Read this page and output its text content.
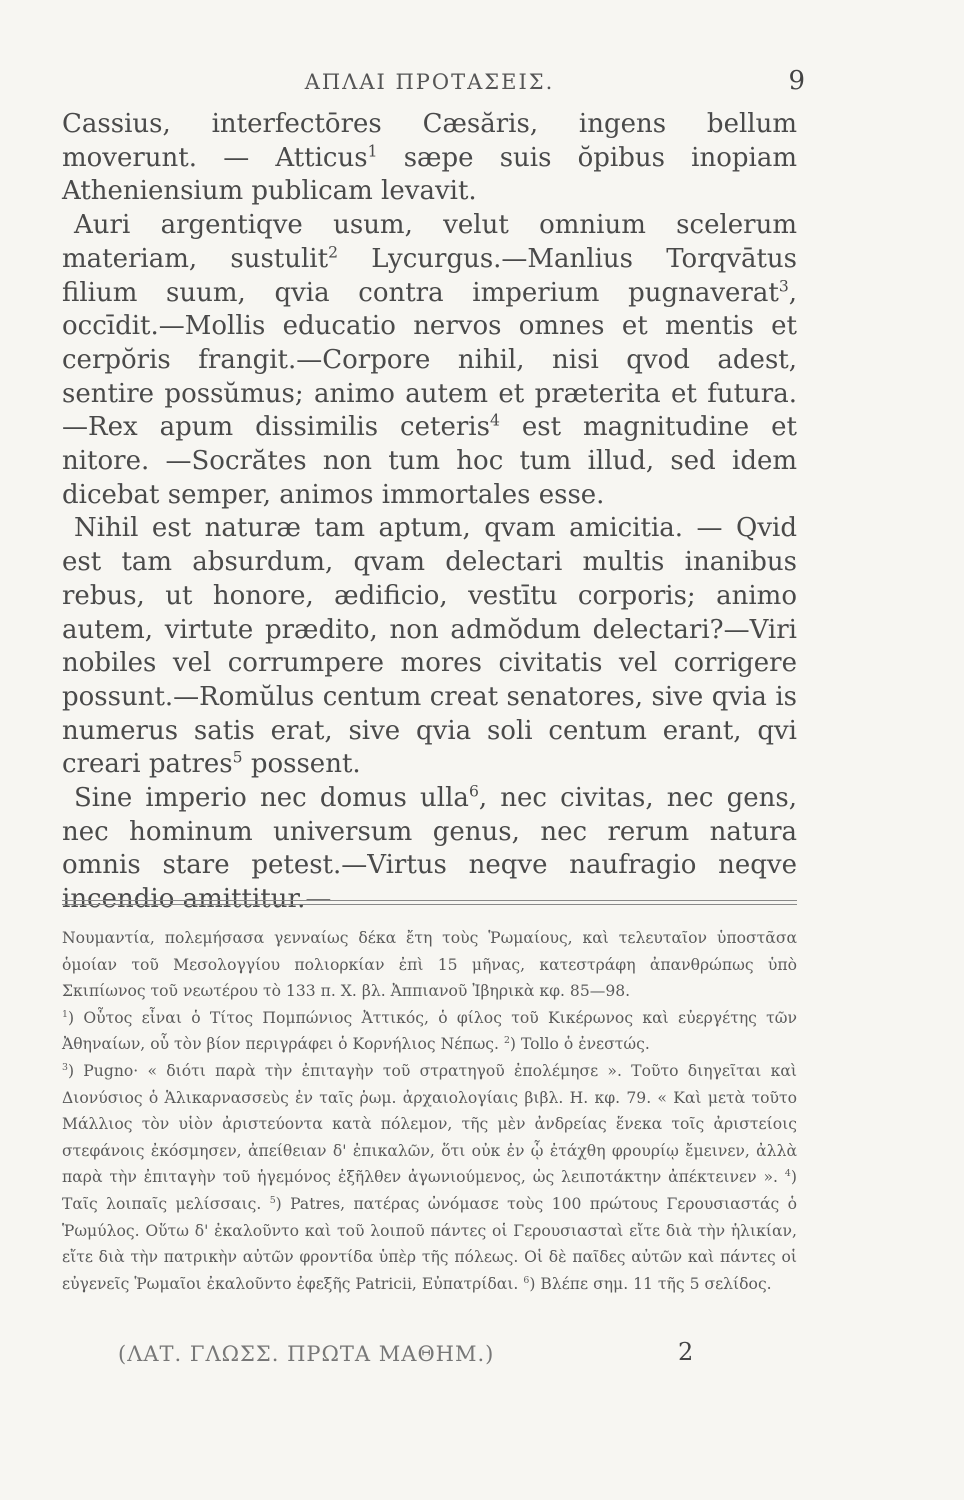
ΑΠΛΑΙ ΠΡΟΤΑΣΕΙΣ.	9

Cassius, interfectōres Cæsăris, ingens bellum moverunt. — Atticus$^1$ sæpe suis ŏpibus inopiam Atheniensium publicam levavit.

Auri argentiqve usum, velut omnium scelerum materiam, sustulit$^2$ Lycurgus.—Manlius Torqvātus filium suum, qvia contra imperium pugnaverat$^3$, occīdit.—Mollis educatio nervos omnes et mentis et cerpŏris frangit.—Corpore nihil, nisi qvod adest, sentire possŭmus; animo autem et præterita et futura.—Rex apum dissimilis ceteris$^4$ est magnitudine et nitore. —Socrătes non tum hoc tum illud, sed idem dicebat semper, animos immortales esse.

Nihil est naturæ tam aptum, qvam amicitia. — Qvid est tam absurdum, qvam delectari multis inanibus rebus, ut honore, ædificio, vestītu corporis; animo autem, virtute prædito, non admŏdum delectari?—Viri nobiles vel corrumpere mores civitatis vel corrigere possunt.—Romŭlus centum creat senatores, sive qvia is numerus satis erat, sive qvia soli centum erant, qvi creari patres$^5$ possent.

Sine imperio nec domus ulla$^6$, nec civitas, nec gens, nec hominum universum genus, nec rerum natura omnis stare petest.—Virtus neqve naufragio neqve incendio amittitur.—

Νουμαντία, πολεμήσασα γενναίως δέκα ἔτη τοὺς Ῥωμαίους, καὶ τελευταῖον ὑποστᾶσα ὁμοίαν τοῦ Μεσολογγίου πολιορκίαν ἐπὶ 15 μῆνας, κατεστράφη ἀπανθρώπως ὑπὸ Σκιπίωνος τοῦ νεωτέρου τὸ 133 π. Χ. βλ. Ἀππιανοῦ Ἰβηρικὰ κφ. 85—98.

$^1$) Οὗτος εἶναι ὁ Τίτος Πομπώνιος Ἀττικός, ὁ φίλος τοῦ Κικέρωνος καὶ εὐεργέτης τῶν Ἀθηναίων, οὗ τὸν βίον περιγράφει ὁ Κορνήλιος Νέπως. $^2$) Tollo ὁ ἐνεστώς.

$^3$) Pugno· « διότι παρὰ τὴν ἐπιταγὴν τοῦ στρατηγοῦ ἐπολέμησε ». Τοῦτο διηγεῖται καὶ Διονύσιος ὁ Ἁλικαρνασσεὺς ἐν ταῖς ῥωμ. ἀρχαιολογίαις βιβλ. Η. κφ. 79. « Καὶ μετὰ τοῦτο Μάλλιος τὸν υἱὸν ἀριστεύοντα κατὰ πόλεμον, τῆς μὲν ἀνδρείας ἕνεκα τοῖς ἀριστείοις στεφάνοις ἐκόσμησεν, ἀπείθειαν δ' ἐπικαλῶν, ὅτι οὐκ ἐν ᾧ ἐτάχθη φρουρίῳ ἔμεινεν, ἀλλὰ παρὰ τὴν ἐπιταγὴν τοῦ ἡγεμόνος ἐξῆλθεν ἀγωνιούμενος, ὡς λειποτάκτην ἀπέκτεινεν ». $^4$) Ταῖς λοιπαῖς μελίσσαις. $^5$) Patres, πατέρας ὠνόμασε τοὺς 100 πρώτους Γερουσιαστάς ὁ Ῥωμύλος. Οὕτω δ' ἐκαλοῦντο καὶ τοῦ λοιποῦ πάντες οἱ Γερουσιασταὶ εἴτε διὰ τὴν ἡλικίαν, εἴτε διὰ τὴν πατρικὴν αὐτῶν φροντίδα ὑπὲρ τῆς πόλεως. Οἱ δὲ παῖδες αὐτῶν καὶ πάντες οἱ εὐγενεῖς Ῥωμαῖοι ἐκαλοῦντο ἐφεξῆς Patricii, Εὐπατρίδαι. $^6$) Βλέπε σημ. 11 τῆς 5 σελίδος.

(ΛΑΤ. ΓΛΩΣΣ. ΠΡΩΤΑ ΜΑΘΗΜ.)	2
